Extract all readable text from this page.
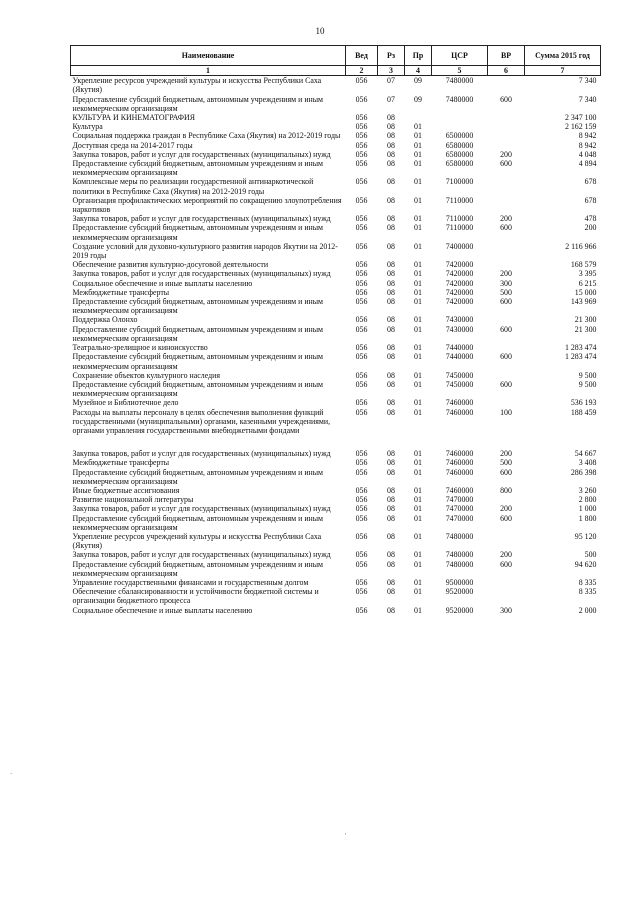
10
Наименование	Вед	Рз	Пр	ЦСР	ВР	Сумма 2015 год
1	2	3	4	5	6	7
Укрепление ресурсов учреждений культуры и искусства Республики Саха (Якутия)	056	07	09	7480000		7 340
Предоставление субсидий бюджетным, автономным учреждениям и иным некоммерческим организациям	056	07	09	7480000	600	7 340
КУЛЬТУРА И КИНЕМАТОГРАФИЯ	056	08				2 347 100
Культура	056	08	01			2 162 159
Социальная поддержка граждан в Республике Саха (Якутия) на 2012-2019 годы	056	08	01	6500000		8 942
Доступная среда на 2014-2017 годы	056	08	01	6580000		8 942
Закупка товаров, работ и услуг для государственных (муниципальных) нужд	056	08	01	6580000	200	4 048
Предоставление субсидий бюджетным, автономным учреждениям и иным некоммерческим организациям	056	08	01	6580000	600	4 894
Комплексные меры по реализации государственной антинаркотической политики в Республике Саха (Якутия) на 2012-2019 годы	056	08	01	7100000		678
Организация профилактических мероприятий по сокращению злоупотребления наркотиков	056	08	01	7110000		678
Закупка товаров, работ и услуг для государственных (муниципальных) нужд	056	08	01	7110000	200	478
Предоставление субсидий бюджетным, автономным учреждениям и иным некоммерческим организациям	056	08	01	7110000	600	200
Создание условий для духовно-культурного развития народов Якутии на 2012-2019 годы	056	08	01	7400000		2 116 966
Обеспечение развития культурно-досуговой деятельности	056	08	01	7420000		168 579
Закупка товаров, работ и услуг для государственных (муниципальных) нужд	056	08	01	7420000	200	3 395
Социальное обеспечение и иные выплаты населению	056	08	01	7420000	300	6 215
Межбюджетные трансферты	056	08	01	7420000	500	15 000
Предоставление субсидий бюджетным, автономным учреждениям и иным некоммерческим организациям	056	08	01	7420000	600	143 969
Поддержка Олонхо	056	08	01	7430000		21 300
Предоставление субсидий бюджетным, автономным учреждениям и иным некоммерческим организациям	056	08	01	7430000	600	21 300
Театрально-зрелищное и киноискусство	056	08	01	7440000		1 283 474
Предоставление субсидий бюджетным, автономным учреждениям и иным некоммерческим организациям	056	08	01	7440000	600	1 283 474
Сохранение объектов культурного наследия	056	08	01	7450000		9 500
Предоставление субсидий бюджетным, автономным учреждениям и иным некоммерческим организациям	056	08	01	7450000	600	9 500
Музейное и Библиотечное дело	056	08	01	7460000		536 193
Расходы на выплаты персоналу в целях обеспечения выполнения функций государственными (муниципальными) органами, казенными учреждениями, органами управления государственными внебюджетными фондами	056	08	01	7460000	100	188 459

Закупка товаров, работ и услуг для государственных (муниципальных) нужд	056	08	01	7460000	200	54 667
Межбюджетные трансферты	056	08	01	7460000	500	3 408
Предоставление субсидий бюджетным, автономным учреждениям и иным некоммерческим организациям	056	08	01	7460000	600	286 398
Иные бюджетные ассигнования	056	08	01	7460000	800	3 260
Развитие национальной литературы	056	08	01	7470000		2 800
Закупка товаров, работ и услуг для государственных (муниципальных) нужд	056	08	01	7470000	200	1 000
Предоставление субсидий бюджетным, автономным учреждениям и иным некоммерческим организациям	056	08	01	7470000	600	1 800
Укрепление ресурсов учреждений культуры и искусства Республики Саха (Якутия)	056	08	01	7480000		95 120
Закупка товаров, работ и услуг для государственных (муниципальных) нужд	056	08	01	7480000	200	500
Предоставление субсидий бюджетным, автономным учреждениям и иным некоммерческим организациям	056	08	01	7480000	600	94 620
Управление государственными финансами и государственным долгом	056	08	01	9500000		8 335
Обеспечение сбалансированности и устойчивости бюджетной системы и организации бюджетного процесса	056	08	01	9520000		8 335
Социальное обеспечение и иные выплаты населению	056	08	01	9520000	300	2 000
·
'
